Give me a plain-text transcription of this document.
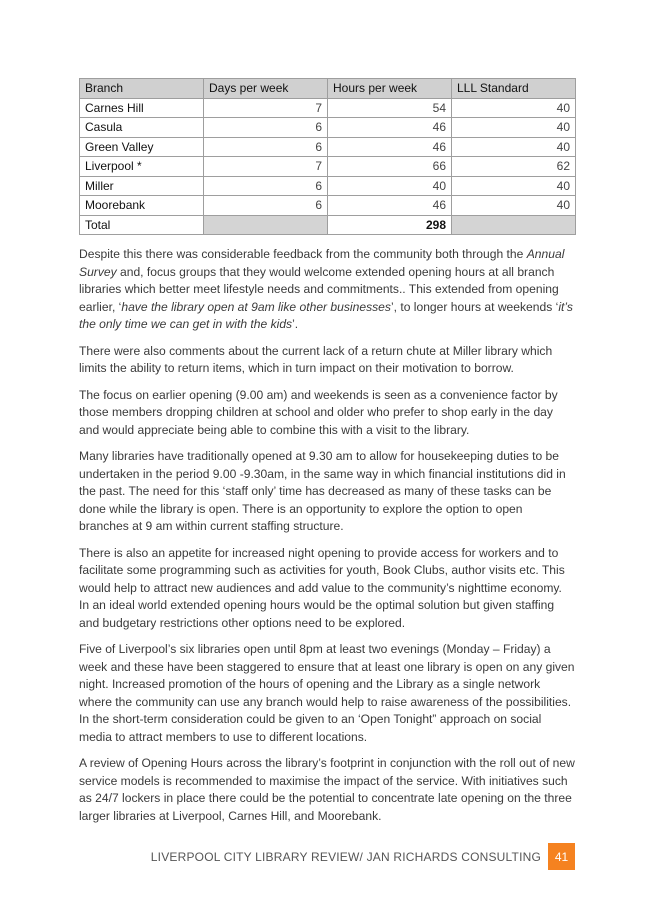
Branch	Days per week	Hours per week	LLL Standard
Carnes Hill	7	54	40
Casula	6	46	40
Green Valley	6	46	40
Liverpool *	7	66	62
Miller	6	40	40
Moorebank	6	46	40
Total		298	

Despite this there was considerable feedback from the community both through the Annual Survey and, focus groups that they would welcome extended opening hours at all branch libraries which better meet lifestyle needs and commitments.. This extended from opening earlier, ‘have the library open at 9am like other businesses’, to longer hours at weekends ‘it’s the only time we can get in with the kids’.

There were also comments about the current lack of a return chute at Miller library which limits the ability to return items, which in turn impact on their motivation to borrow.

The focus on earlier opening (9.00 am) and weekends is seen as a convenience factor by those members dropping children at school and older who prefer to shop early in the day and would appreciate being able to combine this with a visit to the library.

Many libraries have traditionally opened at 9.30 am to allow for housekeeping duties to be undertaken in the period 9.00 -9.30am, in the same way in which financial institutions did in the past. The need for this ‘staff only’ time has decreased as many of these tasks can be done while the library is open. There is an opportunity to explore the option to open branches at 9 am within current staffing structure.

There is also an appetite for increased night opening to provide access for workers and to facilitate some programming such as activities for youth, Book Clubs, author visits etc. This would help to attract new audiences and add value to the community’s nighttime economy. In an ideal world extended opening hours would be the optimal solution but given staffing and budgetary restrictions other options need to be explored.

Five of Liverpool’s six libraries open until 8pm at least two evenings (Monday – Friday) a week and these have been staggered to ensure that at least one library is open on any given night. Increased promotion of the hours of opening and the Library as a single network where the community can use any branch would help to raise awareness of the possibilities. In the short-term consideration could be given to an ‘Open Tonight” approach on social media to attract members to use to different locations.

A review of Opening Hours across the library’s footprint in conjunction with the roll out of new service models is recommended to maximise the impact of the service. With initiatives such as 24/7 lockers in place there could be the potential to concentrate late opening on the three larger libraries at Liverpool, Carnes Hill, and Moorebank.

LIVERPOOL CITY LIBRARY REVIEW/ JAN RICHARDS CONSULTING	41
